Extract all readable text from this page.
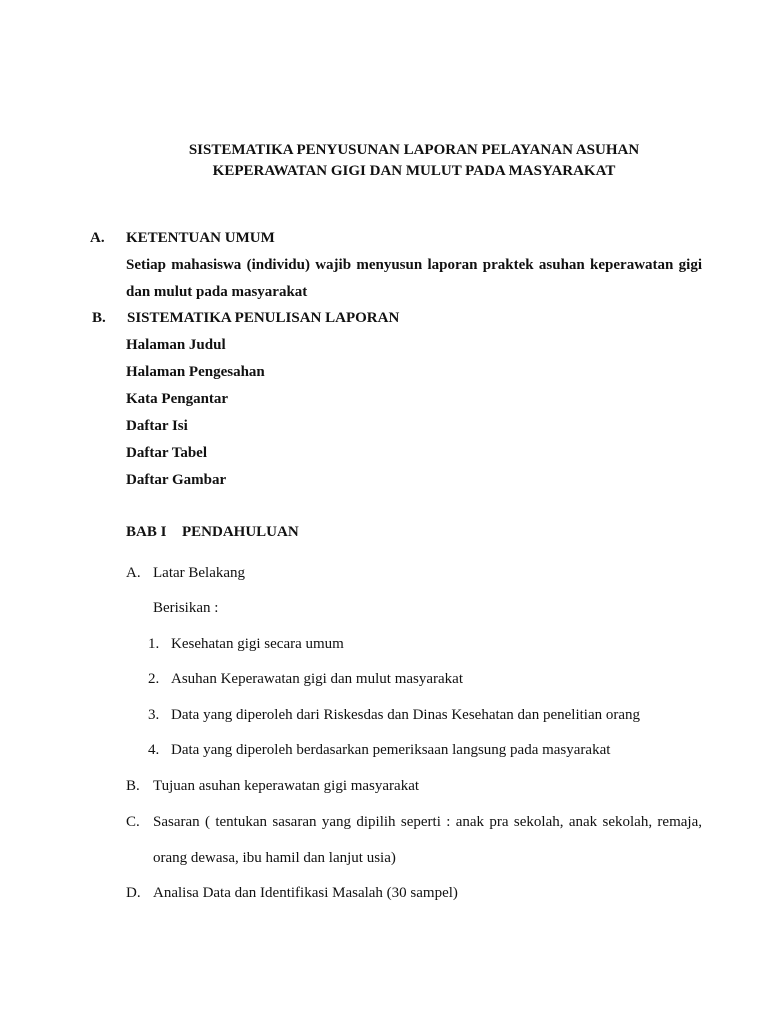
SISTEMATIKA PENYUSUNAN LAPORAN PELAYANAN ASUHAN
KEPERAWATAN GIGI DAN MULUT PADA MASYARAKAT
A. KETENTUAN UMUM
Setiap mahasiswa (individu) wajib menyusun laporan praktek asuhan keperawatan gigi
dan mulut pada masyarakat
B. SISTEMATIKA PENULISAN LAPORAN
Halaman Judul
Halaman Pengesahan
Kata Pengantar
Daftar Isi
Daftar Tabel
Daftar Gambar
BAB I PENDAHULUAN
A. Latar Belakang
Berisikan :
1. Kesehatan gigi secara umum
2. Asuhan Keperawatan gigi dan mulut masyarakat
3. Data yang diperoleh dari Riskesdas dan Dinas Kesehatan dan penelitian orang
4. Data yang diperoleh berdasarkan pemeriksaan langsung pada masyarakat
B. Tujuan asuhan keperawatan gigi masyarakat
C. Sasaran ( tentukan sasaran yang dipilih seperti : anak pra sekolah, anak sekolah, remaja,
orang dewasa, ibu hamil dan lanjut usia)
D. Analisa Data dan Identifikasi Masalah (30 sampel)
